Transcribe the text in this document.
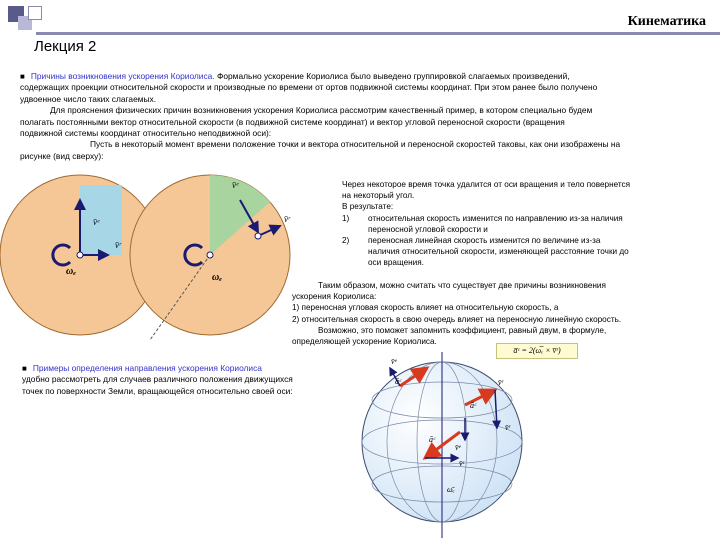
Кинематика
Лекция 2
■ Причины возникновения ускорения Кориолиса. Формально ускорение Кориолиса было выведено группировкой слагаемых произведений,
содержащих проекции относительной скорости и производные по времени от ортов подвижной системы координат. При этом ранее было получено
удвоенное число таких слагаемых.
Для прояснения физических причин возникновения ускорения Кориолиса рассмотрим качественный пример, в котором специально будем
полагать постоянными вектор относительной скорости (в подвижной системе координат) и вектор угловой переносной скорости (вращения
подвижной системы координат относительно неподвижной оси):
Пусть в некоторый момент времени положение точки и вектора относительной и переносной скоростей таковы, как они изображены на
рисунке (вид сверху):
v̄ᵉ
v̄ʳ
ωₑ
v̄ᵉ
v̄ʳ
ωₑ
Через некоторое время точка удалится от оси вращения и тело повернется
на некоторый угол.
В результате:
1) относительная скорость изменится по направлению из-за наличия
переносной угловой скорости и
2) переносная линейная скорость изменится по величине из-за
наличия относительной скорости, изменяющей расстояние точки до
оси вращения.
Таким образом, можно считать что существует две причины возникновения
ускорения Кориолиса:
1) переносная угловая скорость влияет на относительную скорость, а
2) относительная скорость в свою очередь влияет на переносную линейную скорость.
Возможно, это поможет запомнить коэффициент, равный двум, в формуле,
определяющей ускорение Кориолиса.
a̅ᶜ = 2(ω̅ₑ × v̅ʳ)
■ Примеры определения направления ускорения Кориолиса
удобно рассмотреть для случаев различного положения движущихся
точек по поверхности Земли, вращающейся относительно своей оси:
v̄ᵉ
āᶜ	v̄ʳ
āᶜ
v̄ʳ
āᶜ
v̄ᵉ
v̄ʳ
ω̄ₑ
